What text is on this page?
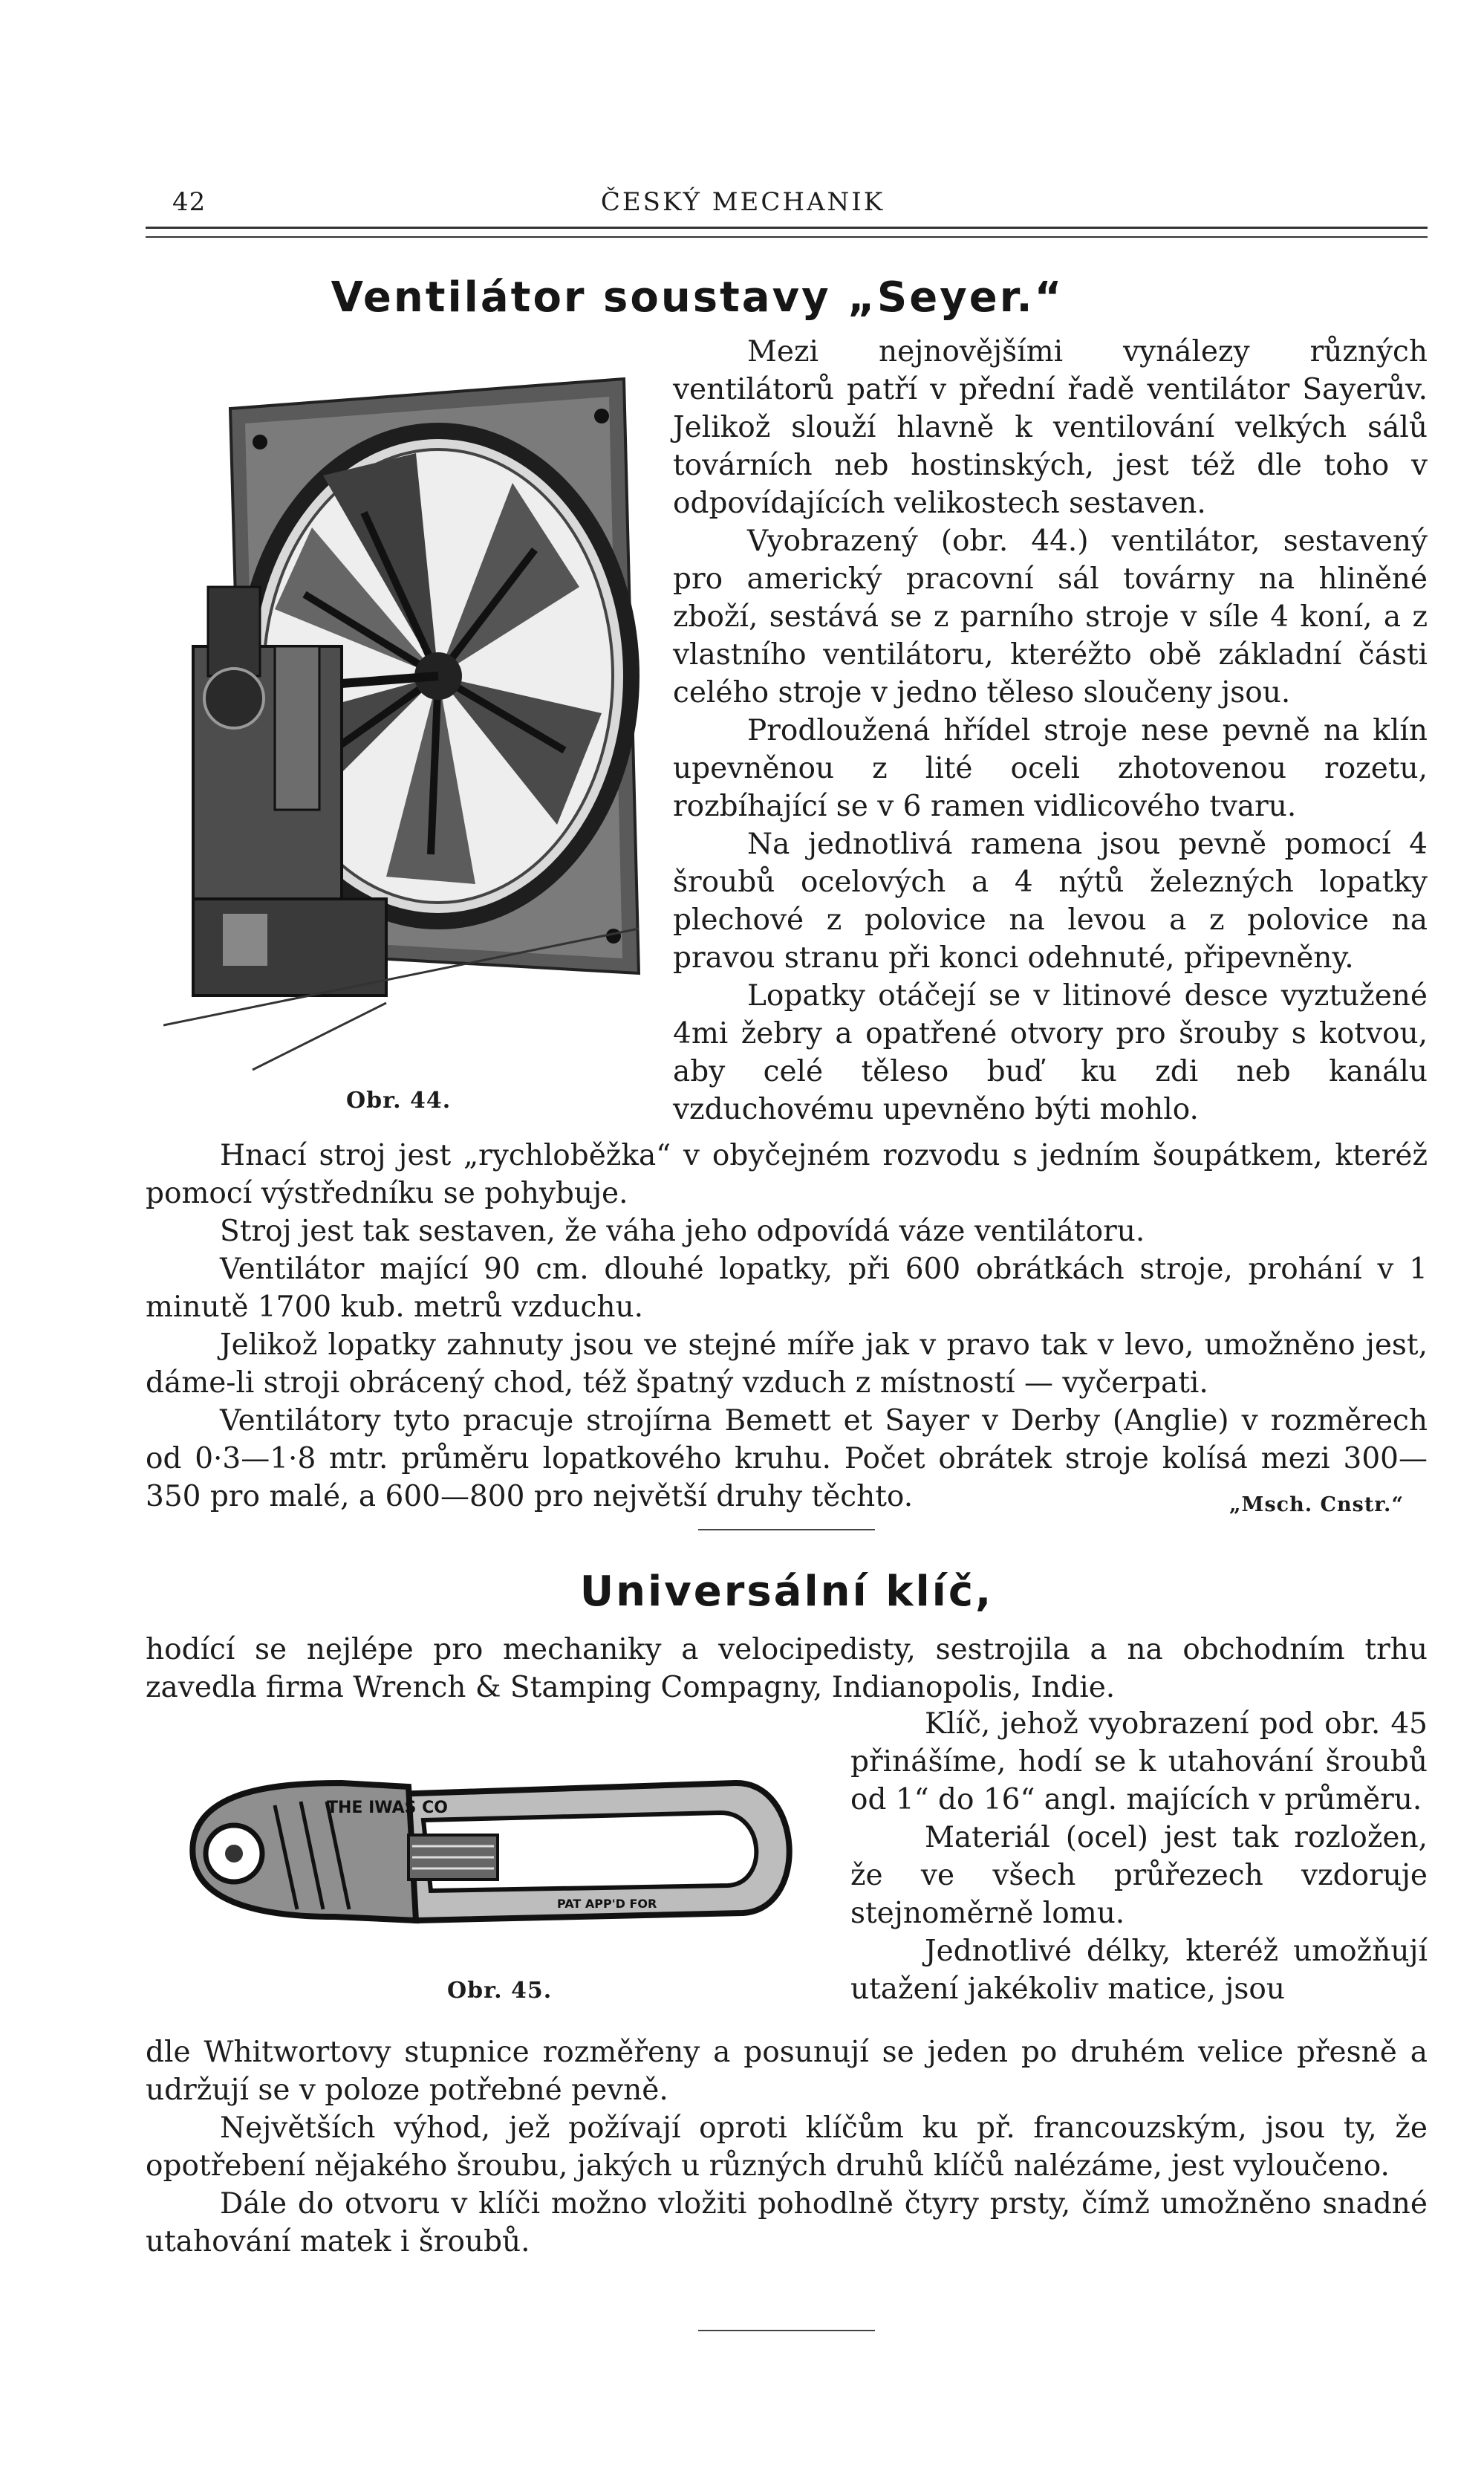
42	ČESKÝ MECHANIK
Ventilátor soustavy „Seyer.“

Mezi nejnovějšími vynálezy různých ventilátorů patří v přední řadě ventilátor Sayerův. Jelikož slouží hlavně k ventilování velkých sálů továrních neb hostinských, jest též dle toho v odpovídajících velikostech sestaven.

Vyobrazený (obr. 44.) ventilátor, sestavený pro americký pracovní sál továrny na hliněné zboží, sestává se z parního stroje v síle 4 koní, a z vlastního ventilátoru, kteréžto obě základní části celého stroje v jedno těleso sloučeny jsou.

Prodloužená hřídel stroje nese pevně na klín upevněnou z lité oceli zhotovenou rozetu, rozbíhající se v 6 ramen vidlicového tvaru.

Na jednotlivá ramena jsou pevně pomocí 4 šroubů ocelových a 4 nýtů železných lopatky plechové z polovice na levou a z polovice na pravou stranu při konci odehnuté, připevněny.

Lopatky otáčejí se v litinové desce vyztužené 4mi žebry a opatřené otvory pro šrouby s kotvou, aby celé těleso buď ku zdi neb kanálu vzduchovému upevněno býti mohlo.

Obr. 44.

Hnací stroj jest „rychloběžka“ v obyčejném rozvodu s jedním šoupátkem, kteréž pomocí výstředníku se pohybuje.

Stroj jest tak sestaven, že váha jeho odpovídá váze ventilátoru.

Ventilátor mající 90 cm. dlouhé lopatky, při 600 obrátkách stroje, prohání v 1 minutě 1700 kub. metrů vzduchu.

Jelikož lopatky zahnuty jsou ve stejné míře jak v pravo tak v levo, umožněno jest, dáme-li stroji obrácený chod, též špatný vzduch z místností — vyčerpati.

Ventilátory tyto pracuje strojírna Bemett et Sayer v Derby (Anglie) v rozměrech od 0·3—1·8 mtr. průměru lopatkového kruhu. Počet obrátek stroje kolísá mezi 300—350 pro malé, a 600—800 pro největší druhy těchto.	„Msch. Cnstr.“
Universální klíč,

hodící se nejlépe pro mechaniky a velocipedisty, sestrojila a na obchodním trhu zavedla firma Wrench & Stamping Compagny, Indianopolis, Indie.

THE IWAS CO
PAT APP'D FOR

Klíč, jehož vyobrazení pod obr. 45 přinášíme, hodí se k utahování šroubů od 1“ do 16“ angl. majících v průměru.

Materiál (ocel) jest tak rozložen, že ve všech průřezech vzdoruje stejnoměrně lomu.

Jednotlivé délky, kteréž umožňují utažení jakékoliv matice, jsou

Obr. 45.

dle Whitwortovy stupnice rozměřeny a posunují se jeden po druhém velice přesně a udržují se v poloze potřebné pevně.

Největších výhod, jež požívají oproti klíčům ku př. francouzským, jsou ty, že opotřebení nějakého šroubu, jakých u různých druhů klíčů nalézáme, jest vyloučeno.

Dále do otvoru v klíči možno vložiti pohodlně čtyry prsty, čímž umožněno snadné utahování matek i šroubů.
